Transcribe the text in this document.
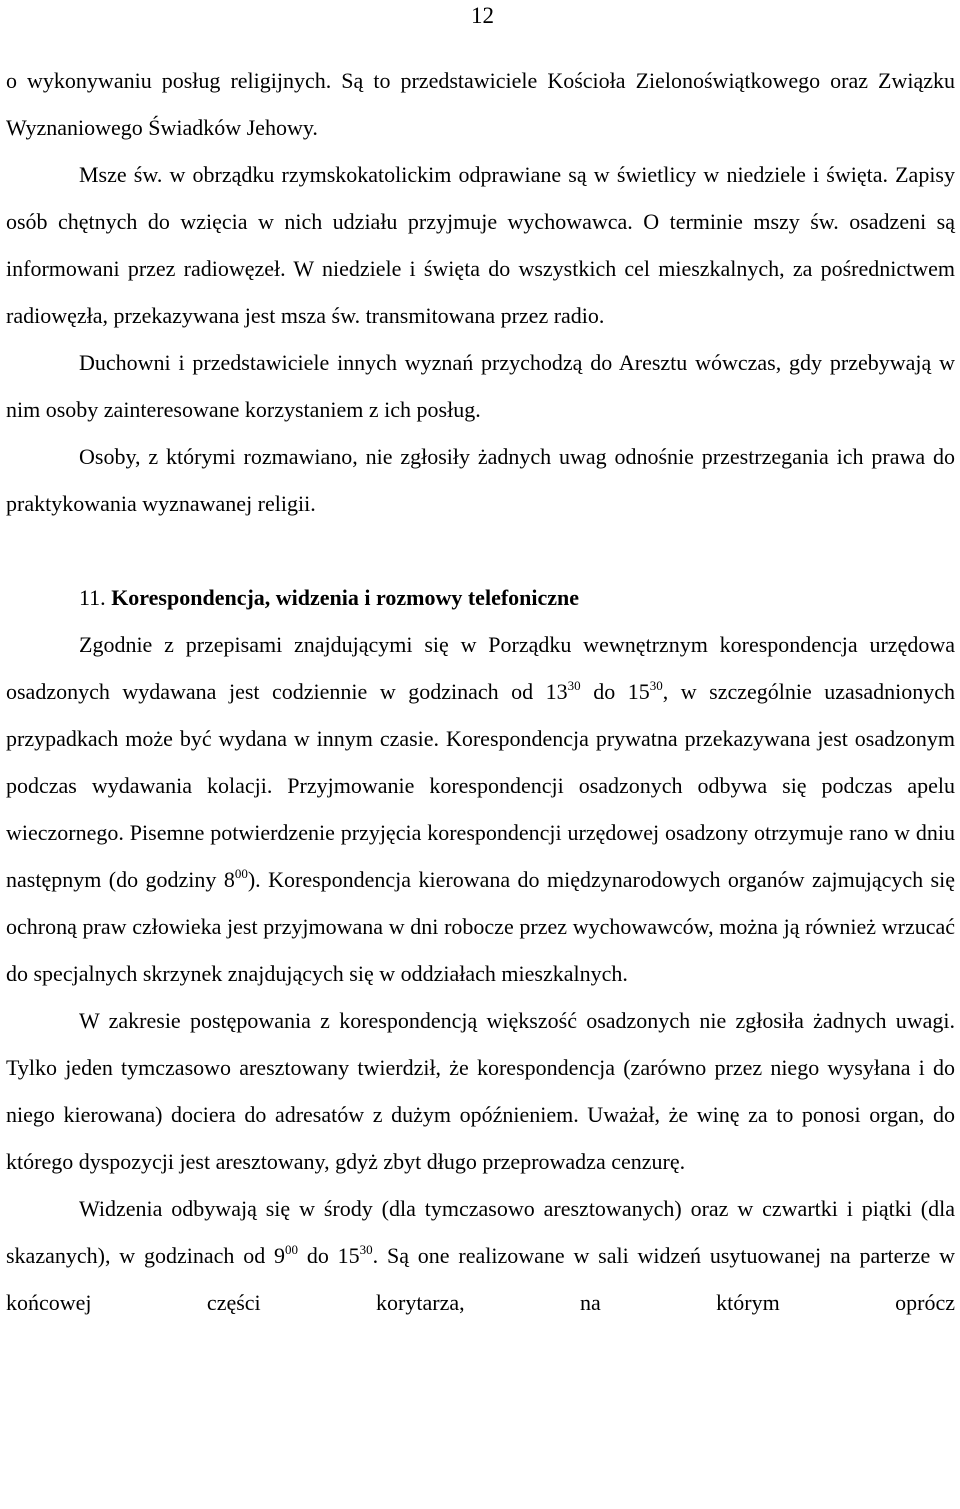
12

o wykonywaniu posług religijnych. Są to przedstawiciele Kościoła Zielonoświątkowego oraz Związku Wyznaniowego Świadków Jehowy.

Msze św. w obrządku rzymskokatolickim odprawiane są w świetlicy w niedziele i święta. Zapisy osób chętnych do wzięcia w nich udziału przyjmuje wychowawca. O terminie mszy św. osadzeni są informowani przez radiowęzeł. W niedziele i święta do wszystkich cel mieszkalnych, za pośrednictwem radiowęzła, przekazywana jest msza św. transmitowana przez radio.

Duchowni i przedstawiciele innych wyznań przychodzą do Aresztu wówczas, gdy przebywają w nim osoby zainteresowane korzystaniem z ich posług.

Osoby, z którymi rozmawiano, nie zgłosiły żadnych uwag odnośnie przestrzegania ich prawa do praktykowania wyznawanej religii.

11. Korespondencja, widzenia i rozmowy telefoniczne

Zgodnie z przepisami znajdującymi się w Porządku wewnętrznym korespondencja urzędowa osadzonych wydawana jest codziennie w godzinach od $13^{30}$ do $15^{30}$, w szczególnie uzasadnionych przypadkach może być wydana w innym czasie. Korespondencja prywatna przekazywana jest osadzonym podczas wydawania kolacji. Przyjmowanie korespondencji osadzonych odbywa się podczas apelu wieczornego. Pisemne potwierdzenie przyjęcia korespondencji urzędowej osadzony otrzymuje rano w dniu następnym (do godziny $8^{00}$). Korespondencja kierowana do międzynarodowych organów zajmujących się ochroną praw człowieka jest przyjmowana w dni robocze przez wychowawców, można ją również wrzucać do specjalnych skrzynek znajdujących się w oddziałach mieszkalnych.

W zakresie postępowania z korespondencją większość osadzonych nie zgłosiła żadnych uwagi. Tylko jeden tymczasowo aresztowany twierdził, że korespondencja (zarówno przez niego wysyłana i do niego kierowana) dociera do adresatów z dużym opóźnieniem. Uważał, że winę za to ponosi organ, do którego dyspozycji jest aresztowany, gdyż zbyt długo przeprowadza cenzurę.

Widzenia odbywają się w środy (dla tymczasowo aresztowanych) oraz w czwartki i piątki (dla skazanych), w godzinach od $9^{00}$ do $15^{30}$. Są one realizowane w sali widzeń usytuowanej na parterze w końcowej części korytarza, na którym oprócz
